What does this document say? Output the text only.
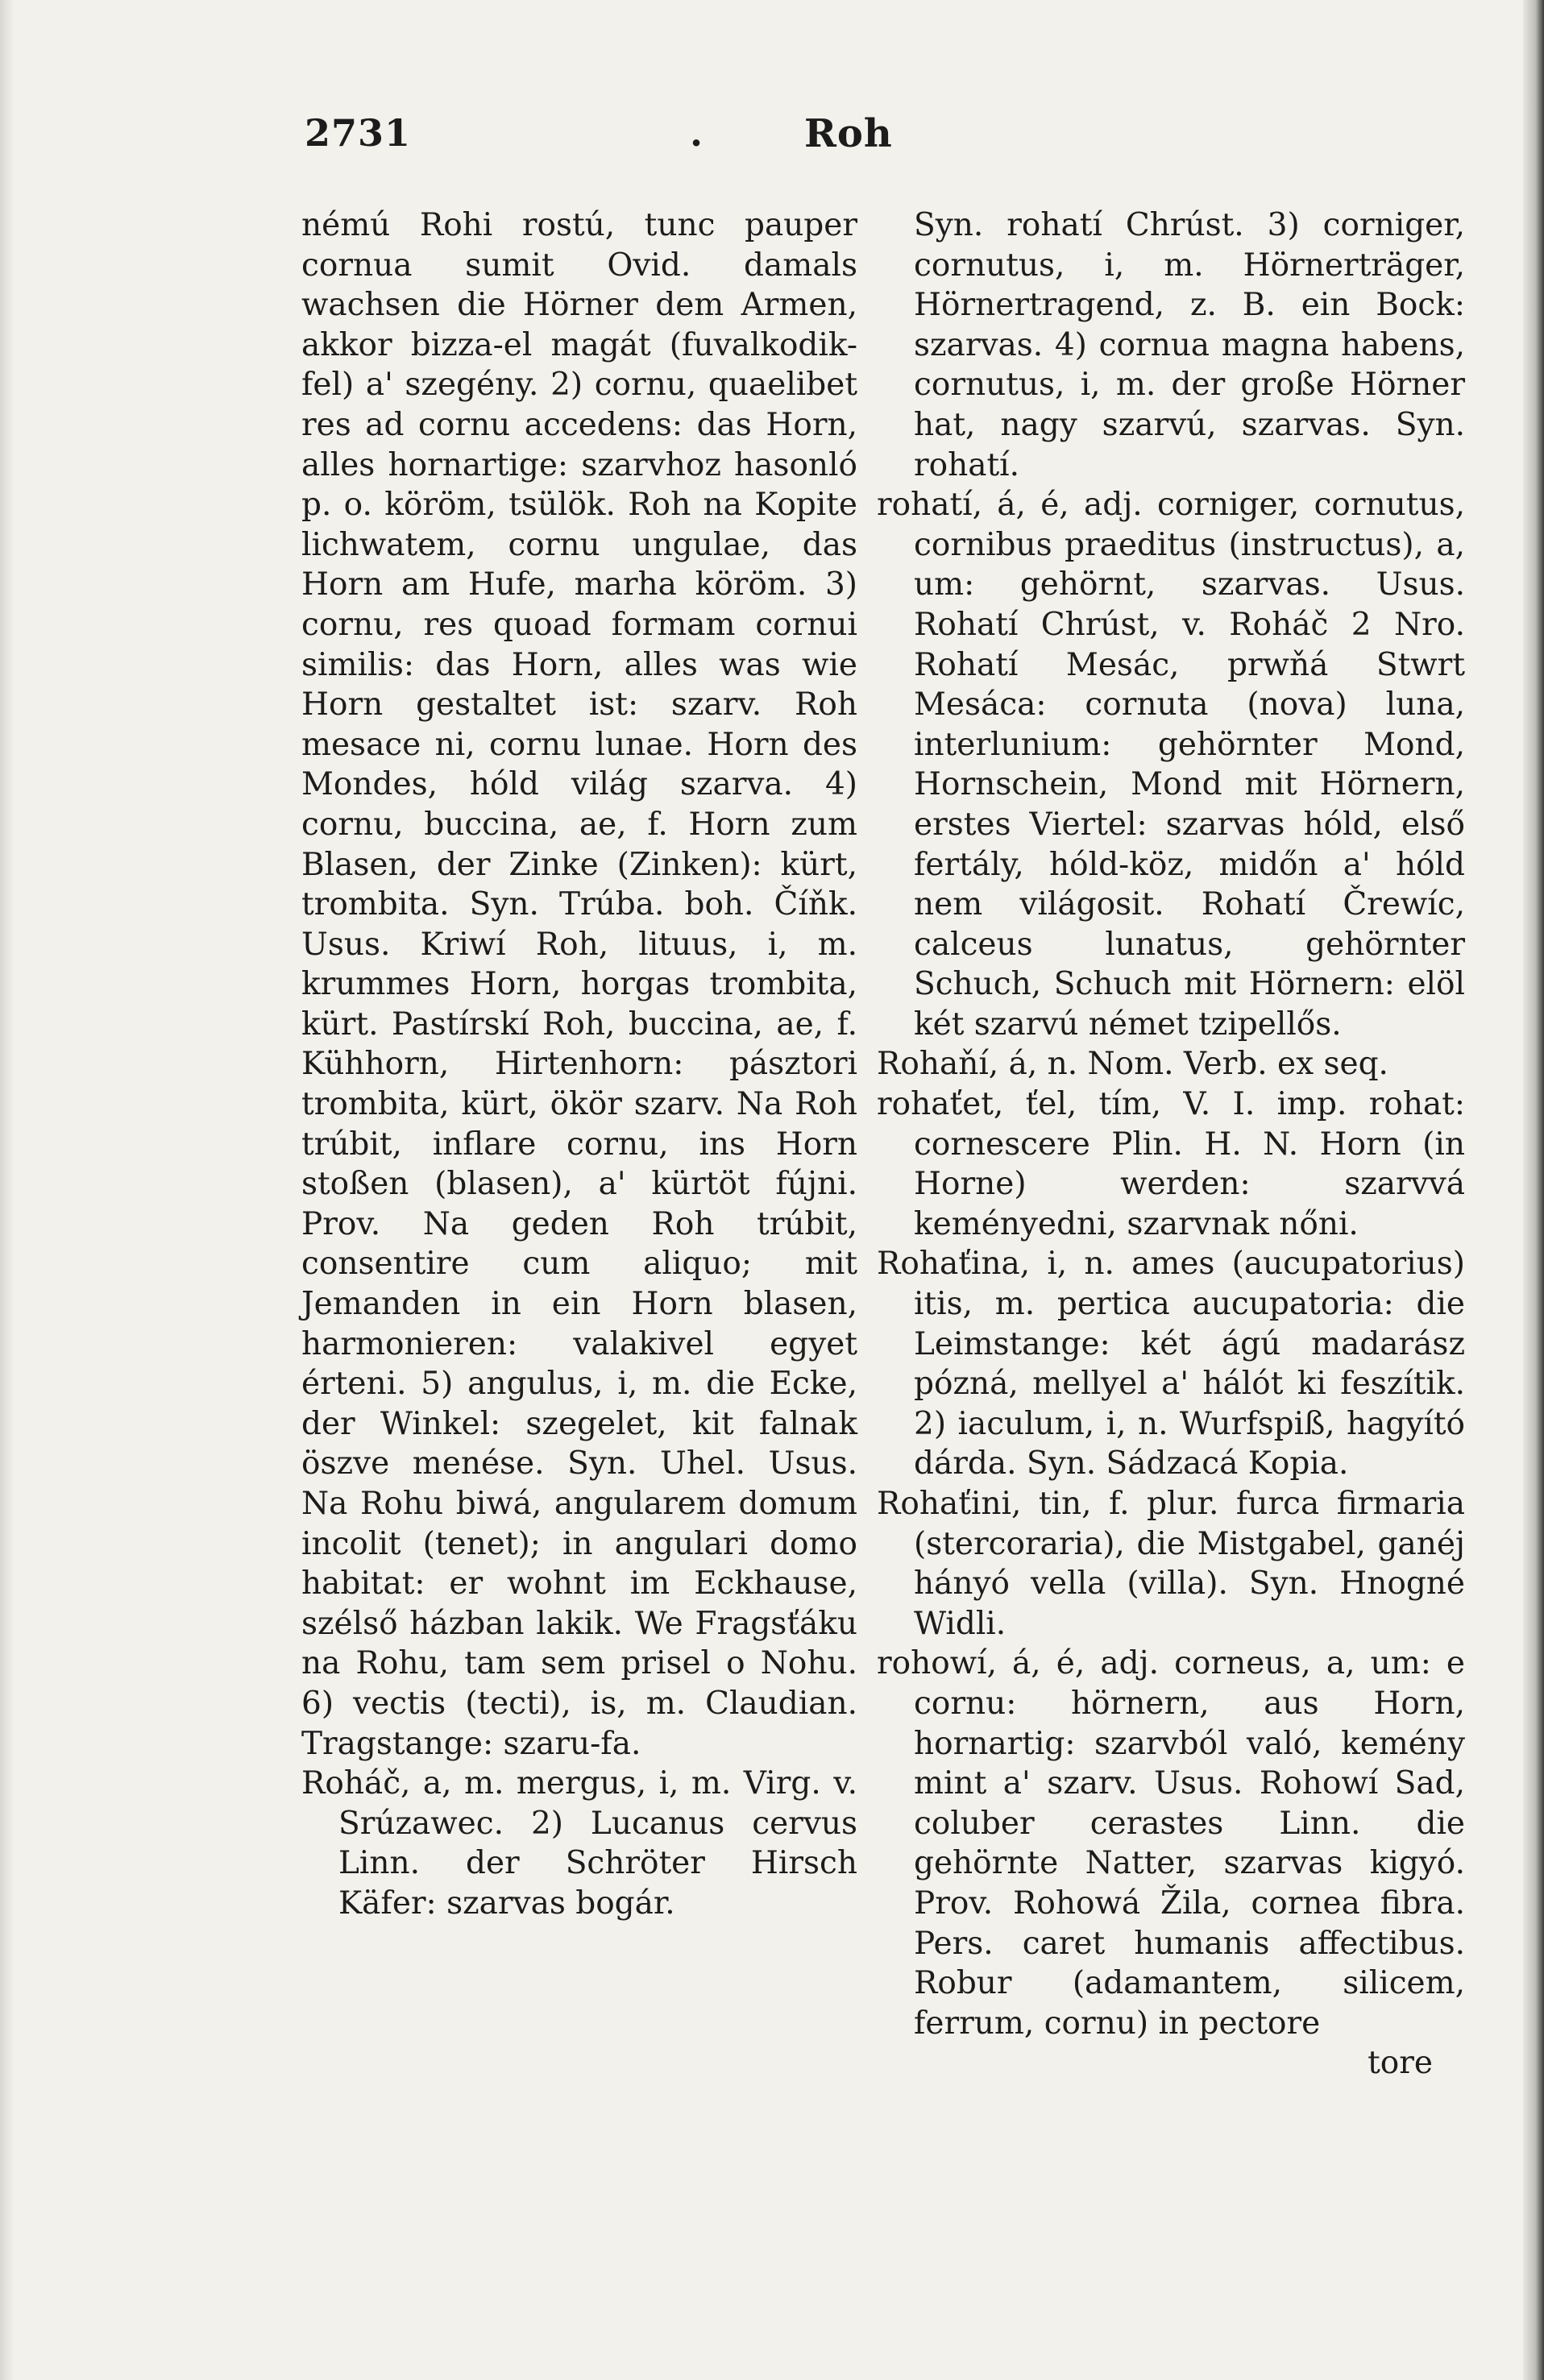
2731	.	Roh

némú Rohi rostú, tunc pauper cornua sumit Ovid. damals wachsen die Hörner dem Armen, akkor bizza-el magát (fuvalkodik-fel) a' szegény. 2) cornu, quaelibet res ad cornu accedens: das Horn, alles hornartige: szarvhoz hasonló p. o. köröm, tsülök. Roh na Kopite lichwatem, cornu ungulae, das Horn am Hufe, marha köröm. 3) cornu, res quoad formam cornui similis: das Horn, alles was wie Horn gestaltet ist: szarv. Roh mesace ni, cornu lunae. Horn des Mondes, hóld világ szarva. 4) cornu, buccina, ae, f. Horn zum Blasen, der Zinke (Zinken): kürt, trombita. Syn. Trúba. boh. Číňk. Usus. Kriwí Roh, lituus, i, m. krummes Horn, horgas trombita, kürt. Pastírskí Roh, buccina, ae, f. Kühhorn, Hirtenhorn: pásztori trombita, kürt, ökör szarv. Na Roh trúbit, inflare cornu, ins Horn stoßen (blasen), a' kürtöt fújni. Prov. Na geden Roh trúbit, consentire cum aliquo; mit Jemanden in ein Horn blasen, harmonieren: valakivel egyet érteni. 5) angulus, i, m. die Ecke, der Winkel: szegelet, kit falnak öszve menése. Syn. Uhel. Usus. Na Rohu biwá, angularem domum incolit (tenet); in angulari domo habitat: er wohnt im Eckhause, szélső házban lakik. We Fragsťáku na Rohu, tam sem prisel o Nohu. 6) vectis (tecti), is, m. Claudian. Tragstange: szaru-fa.

Roháč, a, m. mergus, i, m. Virg. v. Srúzawec. 2) Lucanus cervus Linn. der Schröter Hirsch Käfer: szarvas bogár.

Syn. rohatí Chrúst. 3) corniger, cornutus, i, m. Hörnerträger, Hörnertragend, z. B. ein Bock: szarvas. 4) cornua magna habens, cornutus, i, m. der große Hörner hat, nagy szarvú, szarvas. Syn. rohatí.

rohatí, á, é, adj. corniger, cornutus, cornibus praeditus (instructus), a, um: gehörnt, szarvas. Usus. Rohatí Chrúst, v. Roháč 2 Nro. Rohatí Mesác, prwňá Stwrt Mesáca: cornuta (nova) luna, interlunium: gehörnter Mond, Hornschein, Mond mit Hörnern, erstes Viertel: szarvas hóld, első fertály, hóld-köz, midőn a' hóld nem világosit. Rohatí Črewíc, calceus lunatus, gehörnter Schuch, Schuch mit Hörnern: elöl két szarvú német tzipellős.

Rohaňí, á, n. Nom. Verb. ex seq.

rohaťet, ťel, tím, V. I. imp. rohat: cornescere Plin. H. N. Horn (in Horne) werden: szarvvá keményedni, szarvnak nőni.

Rohaťina, i, n. ames (aucupatorius) itis, m. pertica aucupatoria: die Leimstange: két ágú madarász pózná, mellyel a' hálót ki feszítik. 2) iaculum, i, n. Wurfspiß, hagyító dárda. Syn. Sádzacá Kopia.

Rohaťini, tin, f. plur. furca firmaria (stercoraria), die Mistgabel, ganéj hányó vella (villa). Syn. Hnogné Widli.

rohowí, á, é, adj. corneus, a, um: e cornu: hörnern, aus Horn, hornartig: szarvból való, kemény mint a' szarv. Usus. Rohowí Sad, coluber cerastes Linn. die gehörnte Natter, szarvas kigyó. Prov. Rohowá Žila, cornea fibra. Pers. caret humanis affectibus. Robur (adamantem, silicem, ferrum, cornu) in pectore

tore
